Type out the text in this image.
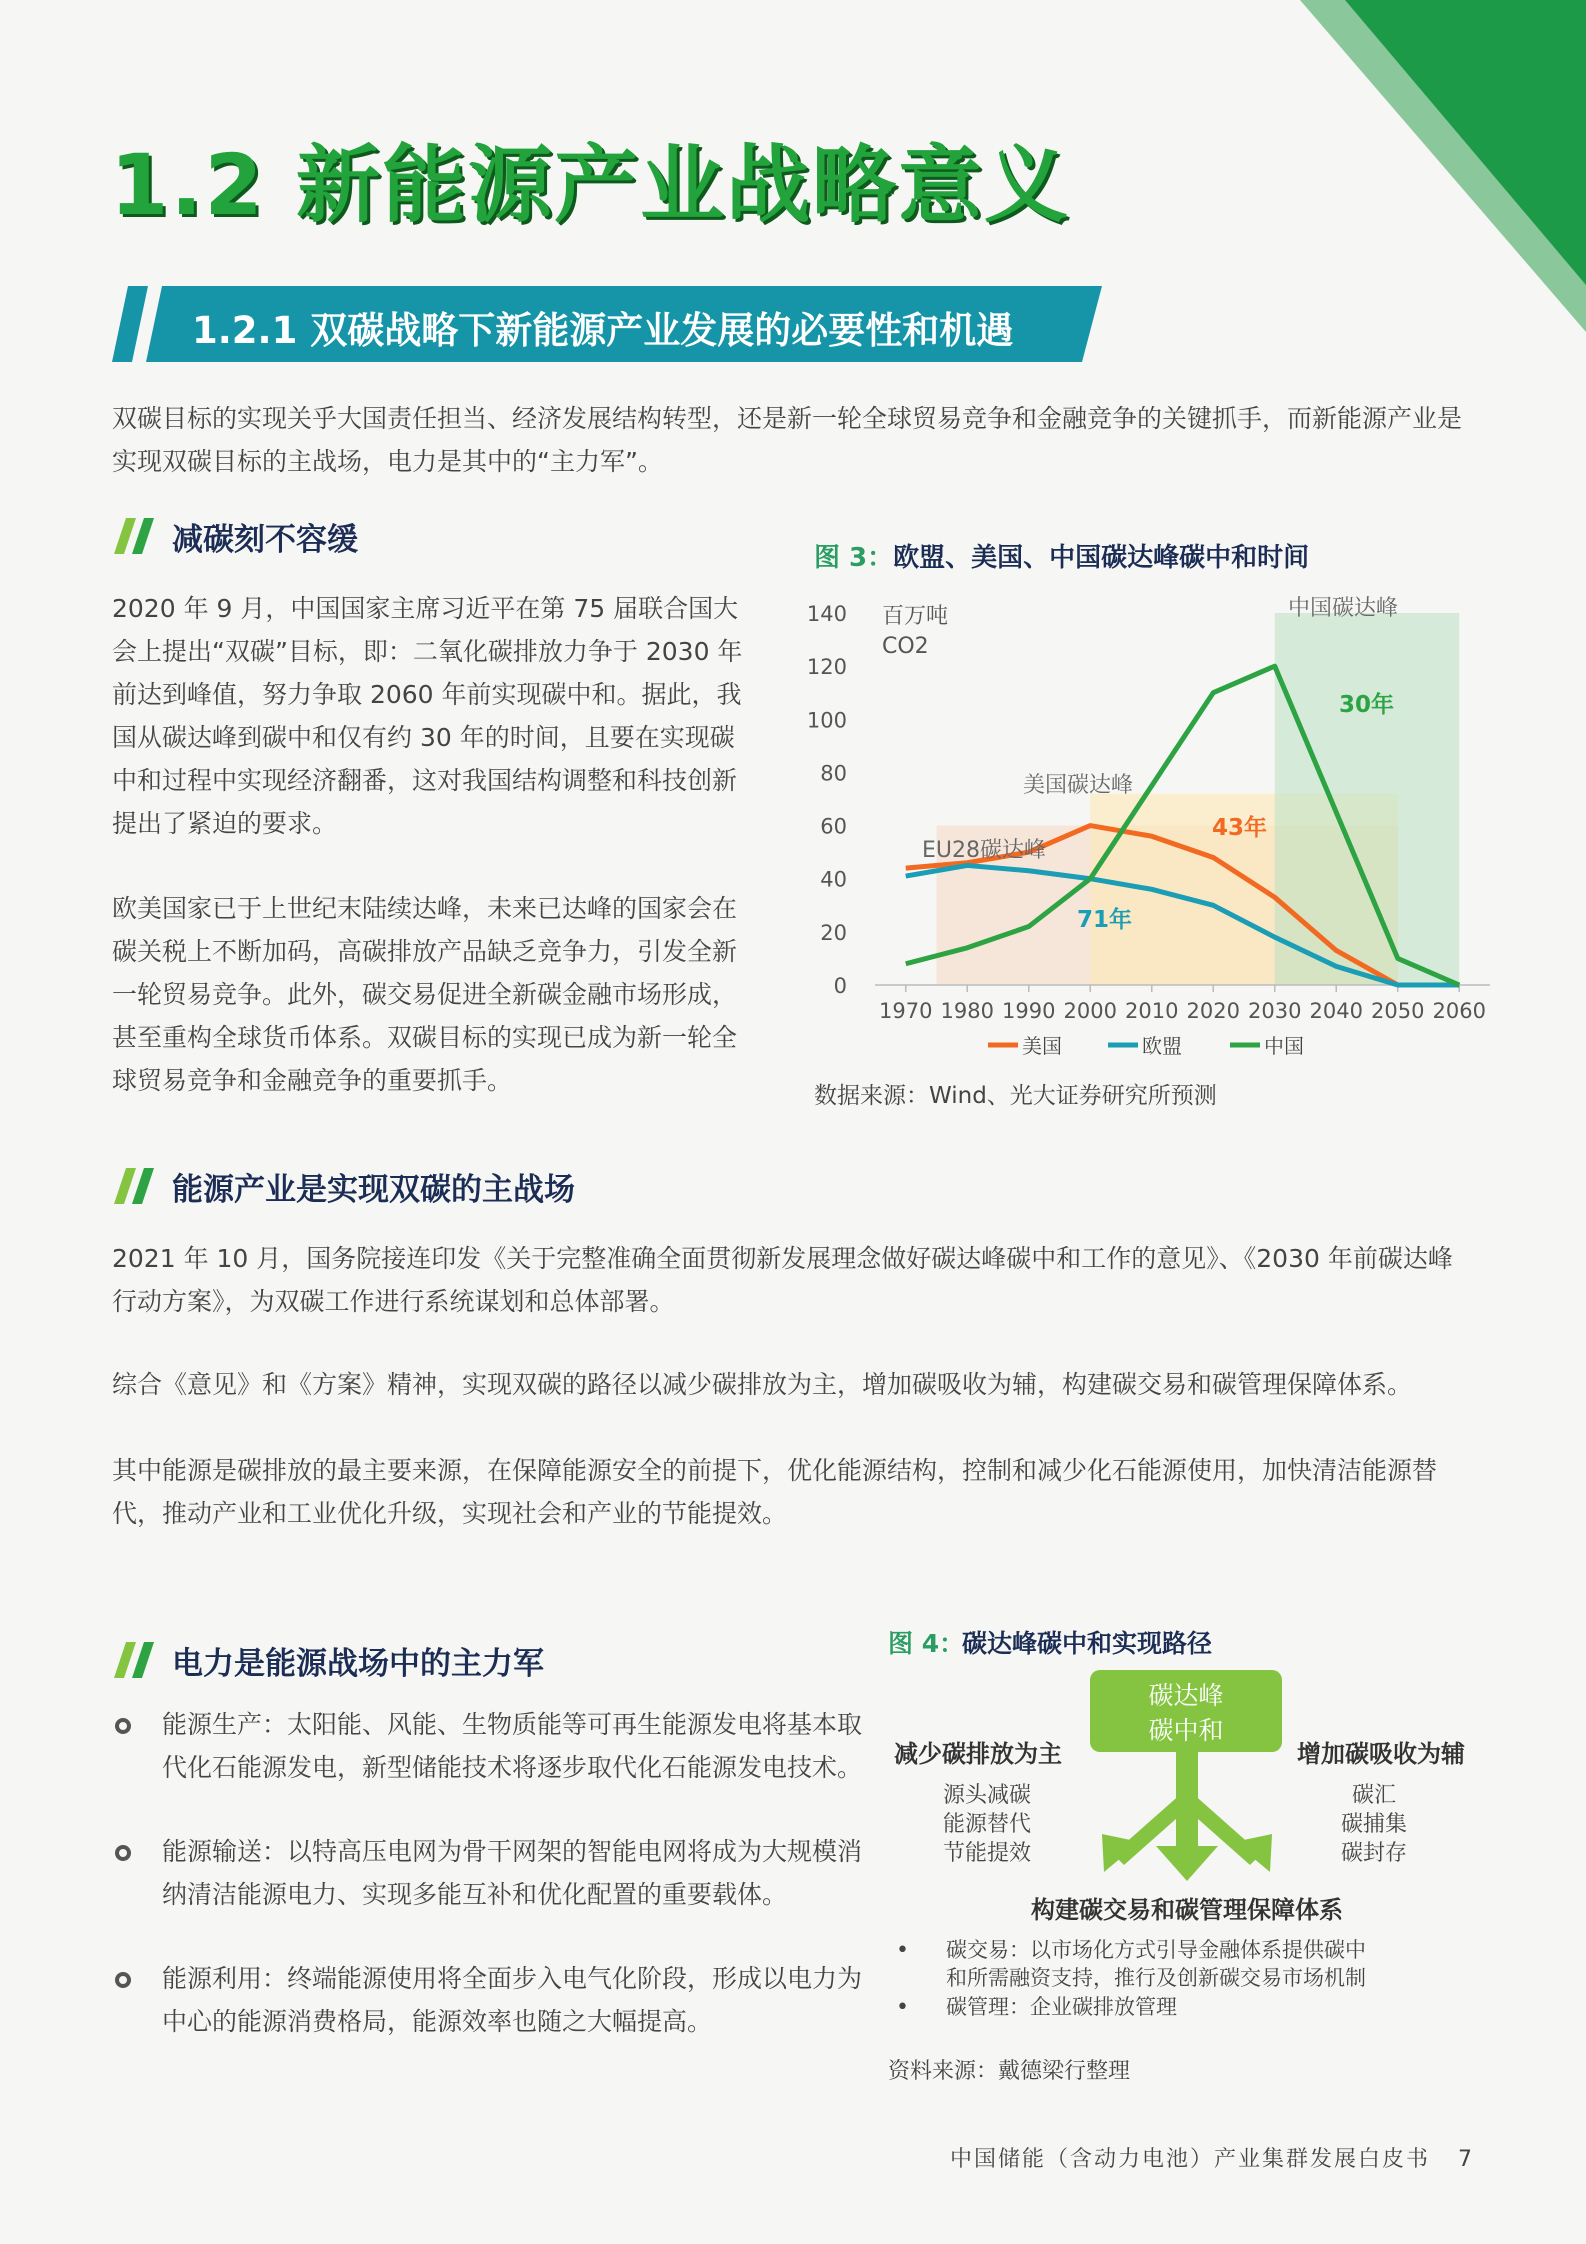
1.2 新能源产业战略意义
1.2.1 双碳战略下新能源产业发展的必要性和机遇

双碳目标的实现关乎大国责任担当、经济发展结构转型，还是新一轮全球贸易竞争和金融竞争的关键抓手，而新能源产业是实现双碳目标的主战场，电力是其中的“主力军”。

减碳刻不容缓

2020 年 9 月，中国国家主席习近平在第 75 届联合国大会上提出“双碳”目标，即：二氧化碳排放力争于 2030 年前达到峰值，努力争取 2060 年前实现碳中和。据此，我国从碳达峰到碳中和仅有约 30 年的时间，且要在实现碳中和过程中实现经济翻番，这对我国结构调整和科技创新提出了紧迫的要求。

欧美国家已于上世纪末陆续达峰，未来已达峰的国家会在碳关税上不断加码，高碳排放产品缺乏竞争力，引发全新一轮贸易竞争。此外，碳交易促进全新碳金融市场形成，甚至重构全球货币体系。双碳目标的实现已成为新一轮全球贸易竞争和金融竞争的重要抓手。

图 3：欧盟、美国、中国碳达峰碳中和时间

0
20
40
60
80
100
120
140
1970 1980 1990 2000 2010 2020 2030 2040 2050 2060
百万吨
CO2
中国碳达峰
30年
美国碳达峰
43年
EU28碳达峰
71年
美国	欧盟	中国

数据来源：Wind、光大证券研究所预测

能源产业是实现双碳的主战场

2021 年 10 月，国务院接连印发《关于完整准确全面贯彻新发展理念做好碳达峰碳中和工作的意见》、《2030 年前碳达峰行动方案》，为双碳工作进行系统谋划和总体部署。

综合《意见》和《方案》精神，实现双碳的路径以减少碳排放为主，增加碳吸收为辅，构建碳交易和碳管理保障体系。

其中能源是碳排放的最主要来源，在保障能源安全的前提下，优化能源结构，控制和减少化石能源使用，加快清洁能源替代，推动产业和工业优化升级，实现社会和产业的节能提效。

电力是能源战场中的主力军
能源生产：太阳能、风能、生物质能等可再生能源发电将基本取代化石能源发电，新型储能技术将逐步取代化石能源发电技术。
能源输送：以特高压电网为骨干网架的智能电网将成为大规模消纳清洁能源电力、实现多能互补和优化配置的重要载体。
能源利用：终端能源使用将全面步入电气化阶段，形成以电力为中心的能源消费格局，能源效率也随之大幅提高。
图 4：
碳达峰碳中和实现路径
碳达峰
碳中和
减少碳排放为主
源头减碳
能源替代
节能提效
增加碳吸收为辅
碳汇
碳捕集
碳封存
构建碳交易和碳管理保障体系
• 碳交易：以市场化方式引导金融体系提供碳中
和所需融资支持，推行及创新碳交易市场机制
• 碳管理：企业碳排放管理
资料来源：戴德梁行整理

中国储能（含动力电池）产业集群发展白皮书 7
